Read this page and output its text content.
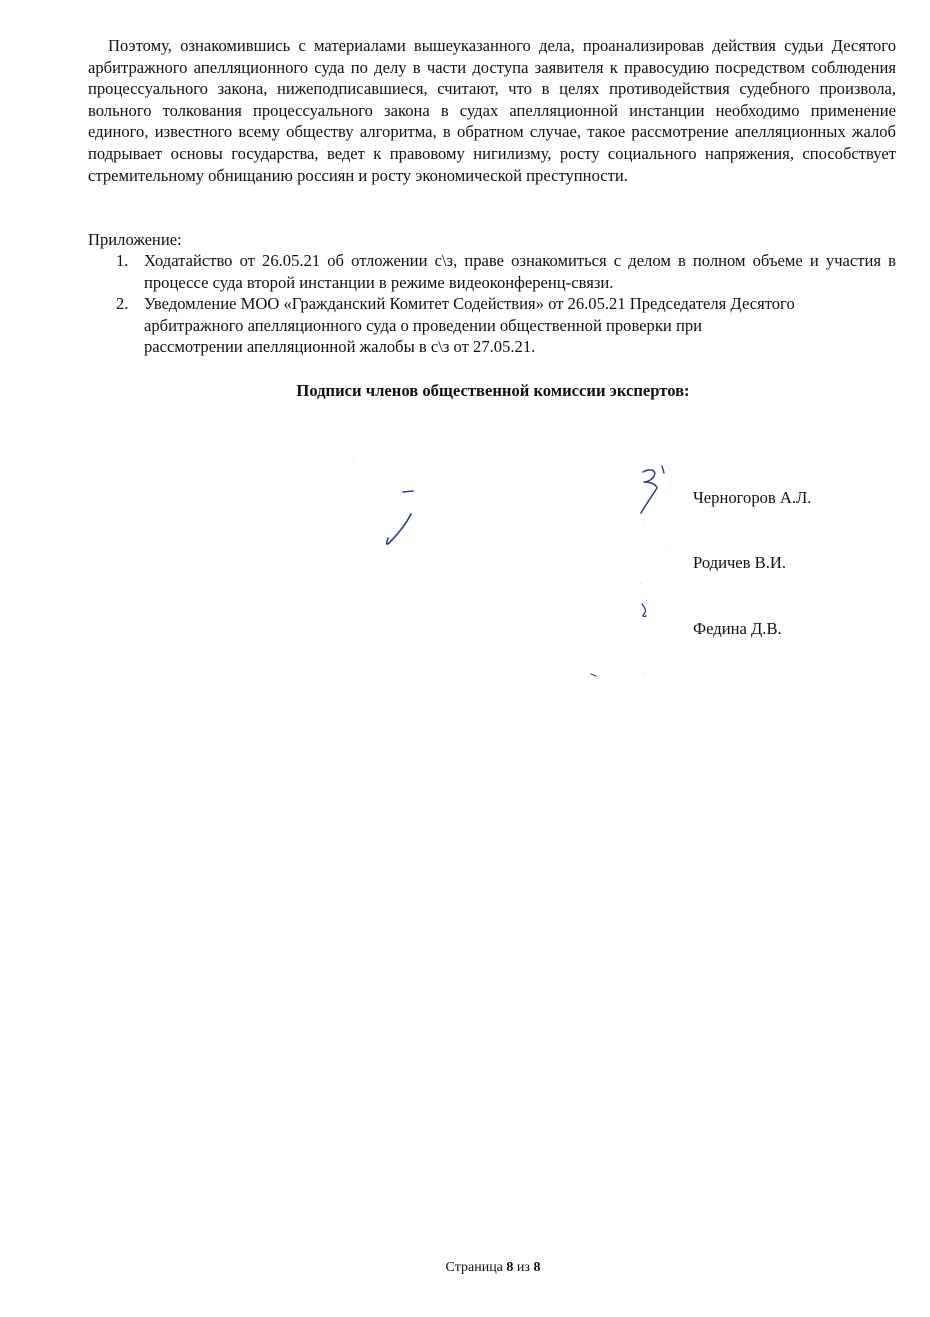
Поэтому, ознакомившись с материалами вышеуказанного дела, проанализировав действия судьи Десятого арбитражного апелляционного суда по делу в части доступа заявителя к правосудию посредством соблюдения процессуального закона, нижеподписавшиеся, считают, что в целях противодействия судебного произвола, вольного толкования процессуального закона в судах апелляционной инстанции необходимо применение единого, известного всему обществу алгоритма, в обратном случае, такое рассмотрение апелляционных жалоб подрывает основы государства, ведет к правовому нигилизму, росту социального напряжения, способствует стремительному обнищанию россиян и росту экономической преступности.

Приложение:

1. Ходатайство от 26.05.21 об отложении с\з, праве ознакомиться с делом в полном объеме и участия в процессе суда второй инстанции в режиме видеоконференц-связи.
2. Уведомление МОО «Гражданский Комитет Содействия» от 26.05.21 Председателя Десятого
арбитражного апелляционного суда о проведении общественной проверки при
рассмотрении апелляционной жалобы в с\з от 27.05.21.

Подписи членов общественной комиссии экспертов:

Черногоров А.Л.
Родичев В.И.
Федина Д.В.
Страница 8 из 8
